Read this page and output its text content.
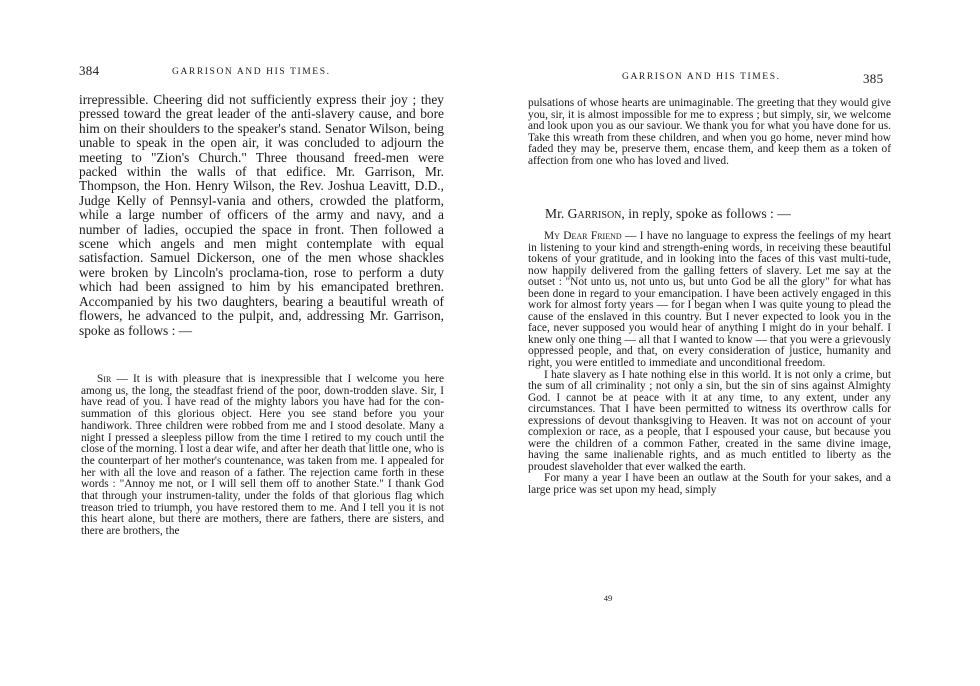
384	GARRISON AND HIS TIMES.

irrepressible. Cheering did not sufficiently express their joy ; they pressed toward the great leader of the anti-slavery cause, and bore him on their shoulders to the speaker's stand. Senator Wilson, being unable to speak in the open air, it was concluded to adjourn the meeting to "Zion's Church." Three thousand freed-men were packed within the walls of that edifice. Mr. Garrison, Mr. Thompson, the Hon. Henry Wilson, the Rev. Joshua Leavitt, D.D., Judge Kelly of Pennsyl-vania and others, crowded the platform, while a large number of officers of the army and navy, and a number of ladies, occupied the space in front. Then followed a scene which angels and men might contemplate with equal satisfaction. Samuel Dickerson, one of the men whose shackles were broken by Lincoln's proclama-tion, rose to perform a duty which had been assigned to him by his emancipated brethren. Accompanied by his two daughters, bearing a beautiful wreath of flowers, he advanced to the pulpit, and, addressing Mr. Garrison, spoke as follows : —

Sir — It is with pleasure that is inexpressible that I welcome you here among us, the long, the steadfast friend of the poor, down-trodden slave. Sir, I have read of you. I have read of the mighty labors you have had for the con-summation of this glorious object. Here you see stand before you your handiwork. Three children were robbed from me and I stood desolate. Many a night I pressed a sleepless pillow from the time I retired to my couch until the close of the morning. I lost a dear wife, and after her death that little one, who is the counterpart of her mother's countenance, was taken from me. I appealed for her with all the love and reason of a father. The rejection came forth in these words : "Annoy me not, or I will sell them off to another State." I thank God that through your instrumen-tality, under the folds of that glorious flag which treason tried to triumph, you have restored them to me. And I tell you it is not this heart alone, but there are mothers, there are fathers, there are sisters, and there are brothers, the

GARRISON AND HIS TIMES.	385

pulsations of whose hearts are unimaginable. The greeting that they would give you, sir, it is almost impossible for me to express ; but simply, sir, we welcome and look upon you as our saviour. We thank you for what you have done for us. Take this wreath from these children, and when you go home, never mind how faded they may be, preserve them, encase them, and keep them as a token of affection from one who has loved and lived.

Mr. Garrison, in reply, spoke as follows : —

My Dear Friend — I have no language to express the feelings of my heart in listening to your kind and strength-ening words, in receiving these beautiful tokens of your gratitude, and in looking into the faces of this vast multi-tude, now happily delivered from the galling fetters of slavery. Let me say at the outset : "Not unto us, not unto us, but unto God be all the glory" for what has been done in regard to your emancipation. I have been actively engaged in this work for almost forty years — for I began when I was quite young to plead the cause of the enslaved in this country. But I never expected to look you in the face, never supposed you would hear of anything I might do in your behalf. I knew only one thing — all that I wanted to know — that you were a grievously oppressed people, and that, on every consideration of justice, humanity and right, you were entitled to immediate and unconditional freedom.

I hate slavery as I hate nothing else in this world. It is not only a crime, but the sum of all criminality ; not only a sin, but the sin of sins against Almighty God. I cannot be at peace with it at any time, to any extent, under any circumstances. That I have been permitted to witness its overthrow calls for expressions of devout thanksgiving to Heaven. It was not on account of your complexion or race, as a people, that I espoused your cause, but because you were the children of a common Father, created in the same divine image, having the same inalienable rights, and as much entitled to liberty as the proudest slaveholder that ever walked the earth.

For many a year I have been an outlaw at the South for your sakes, and a large price was set upon my head, simply

49
